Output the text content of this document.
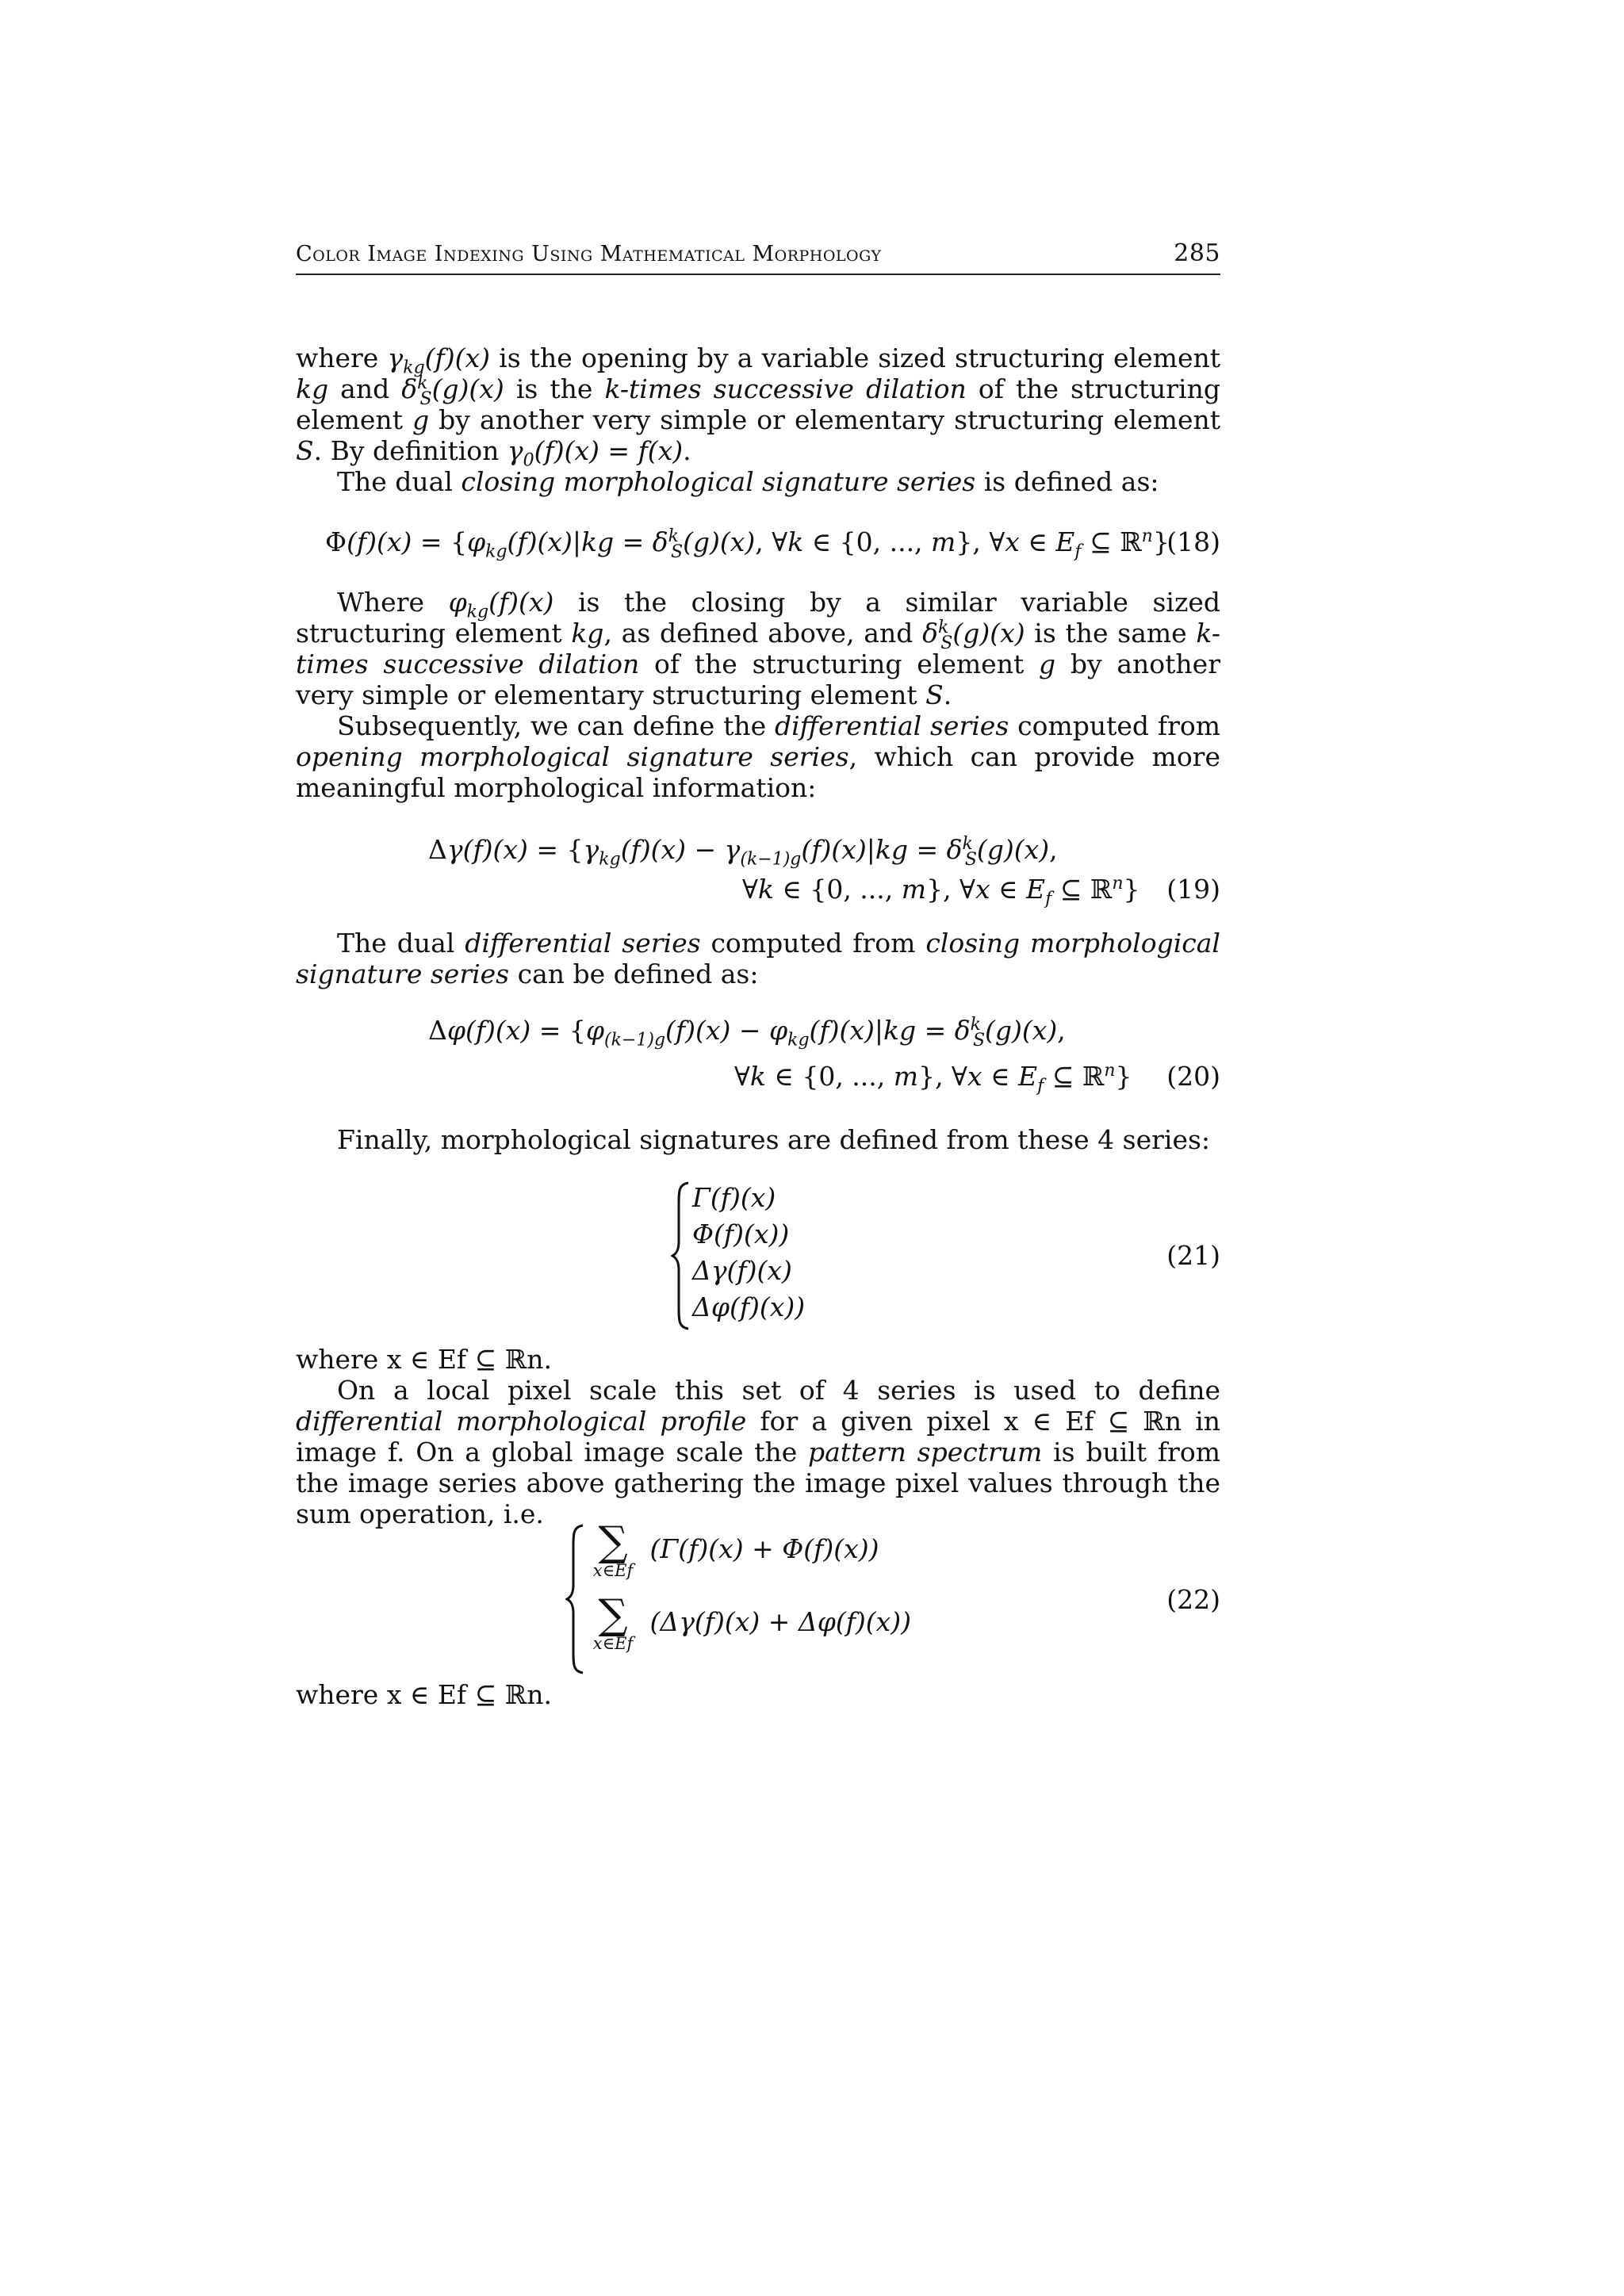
Color Image Indexing Using Mathematical Morphology	285

where $\gamma_{kg}(f)(x)$ is the opening by a variable sized structuring element kg and $\delta^k_S(g)(x)$ is the k-times successive dilation of the structuring element g by another very simple or elementary structuring element S. By definition $\gamma_0(f)(x) = f(x)$.

The dual closing morphological signature series is defined as:

$\Phi(f)(x) = \{\varphi_{kg}(f)(x)|kg = \delta^k_S(g)(x)$, ∀k ∈ {0, ..., m}, ∀x ∈ $E_f$ ⊆ ℝ$^n$}
(18)

Where $\varphi_{kg}(f)(x)$ is the closing by a similar variable sized structuring element kg, as defined above, and $\delta^k_S(g)(x)$ is the same k-times successive dilation of the structuring element g by another very simple or elementary structuring element S.

Subsequently, we can define the differential series computed from opening morphological signature series, which can provide more meaningful morphological information:

$\Delta\gamma(f)(x) = \{\gamma_{kg}(f)(x) - \gamma_{(k-1)g}(f)(x)|kg = \delta^k_S(g)(x)$,
∀k ∈ {0, ..., m}, ∀x ∈ $E_f$ ⊆ ℝ$^n$} (19)

The dual differential series computed from closing morphological signature series can be defined as:

$\Delta\varphi(f)(x) = \{\varphi_{(k-1)g}(f)(x) - \varphi_{kg}(f)(x)|kg = \delta^k_S(g)(x)$,
∀k ∈ {0, ..., m}, ∀x ∈ $E_f$ ⊆ ℝ$^n$} (20)

Finally, morphological signatures are defined from these 4 series:

Γ(f)(x)
Φ(f)(x))
Δγ(f)(x)
Δφ(f)(x))
(21)

where x ∈ Ef ⊆ ℝn.

On a local pixel scale this set of 4 series is used to define differential morphological profile for a given pixel x ∈ Ef ⊆ ℝn in image f. On a global image scale the pattern spectrum is built from the image series above gathering the image pixel values through the sum operation, i.e.

∑
x∈Ef
(Γ(f)(x) + Φ(f)(x))
∑
x∈Ef
(Δγ(f)(x) + Δφ(f)(x))
(22)

where x ∈ Ef ⊆ ℝn.
